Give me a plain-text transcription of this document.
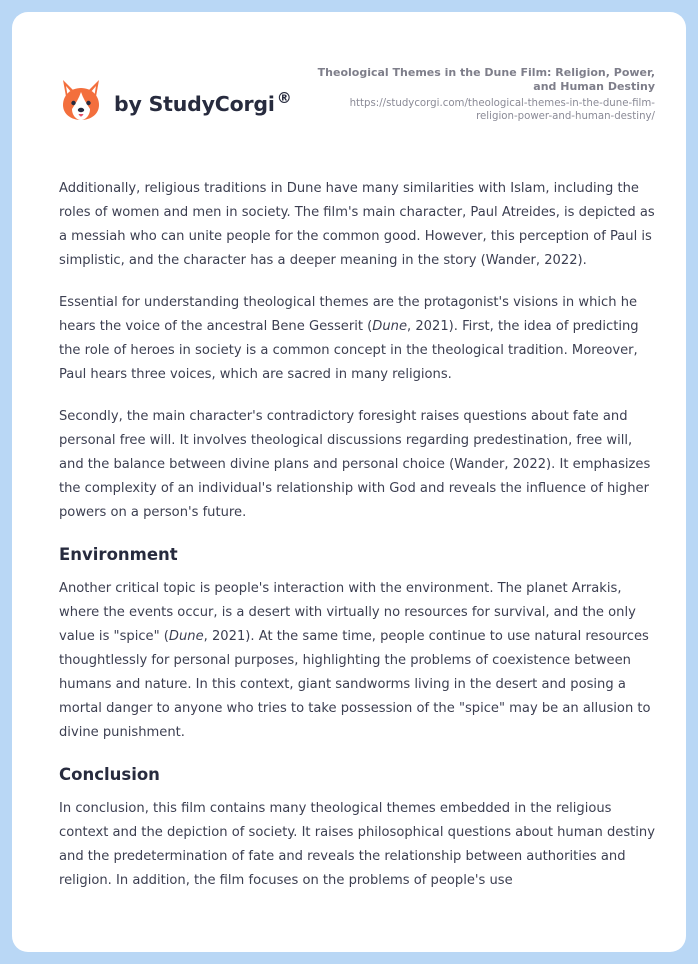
by StudyCorgi ®
Theological Themes in the Dune Film: Religion, Power, and Human Destiny
https://studycorgi.com/theological-themes-in-the-dune-film-religion-power-and-human-destiny/

Additionally, religious traditions in Dune have many similarities with Islam, including the roles of women and men in society. The film's main character, Paul Atreides, is depicted as a messiah who can unite people for the common good. However, this perception of Paul is simplistic, and the character has a deeper meaning in the story (Wander, 2022).

Essential for understanding theological themes are the protagonist's visions in which he hears the voice of the ancestral Bene Gesserit (Dune, 2021). First, the idea of predicting the role of heroes in society is a common concept in the theological tradition. Moreover, Paul hears three voices, which are sacred in many religions.

Secondly, the main character's contradictory foresight raises questions about fate and personal free will. It involves theological discussions regarding predestination, free will, and the balance between divine plans and personal choice (Wander, 2022). It emphasizes the complexity of an individual's relationship with God and reveals the influence of higher powers on a person's future.

Environment

Another critical topic is people's interaction with the environment. The planet Arrakis, where the events occur, is a desert with virtually no resources for survival, and the only value is "spice" (Dune, 2021). At the same time, people continue to use natural resources thoughtlessly for personal purposes, highlighting the problems of coexistence between humans and nature. In this context, giant sandworms living in the desert and posing a mortal danger to anyone who tries to take possession of the "spice" may be an allusion to divine punishment.

Conclusion

In conclusion, this film contains many theological themes embedded in the religious context and the depiction of society. It raises philosophical questions about human destiny and the predetermination of fate and reveals the relationship between authorities and religion. In addition, the film focuses on the problems of people's use
